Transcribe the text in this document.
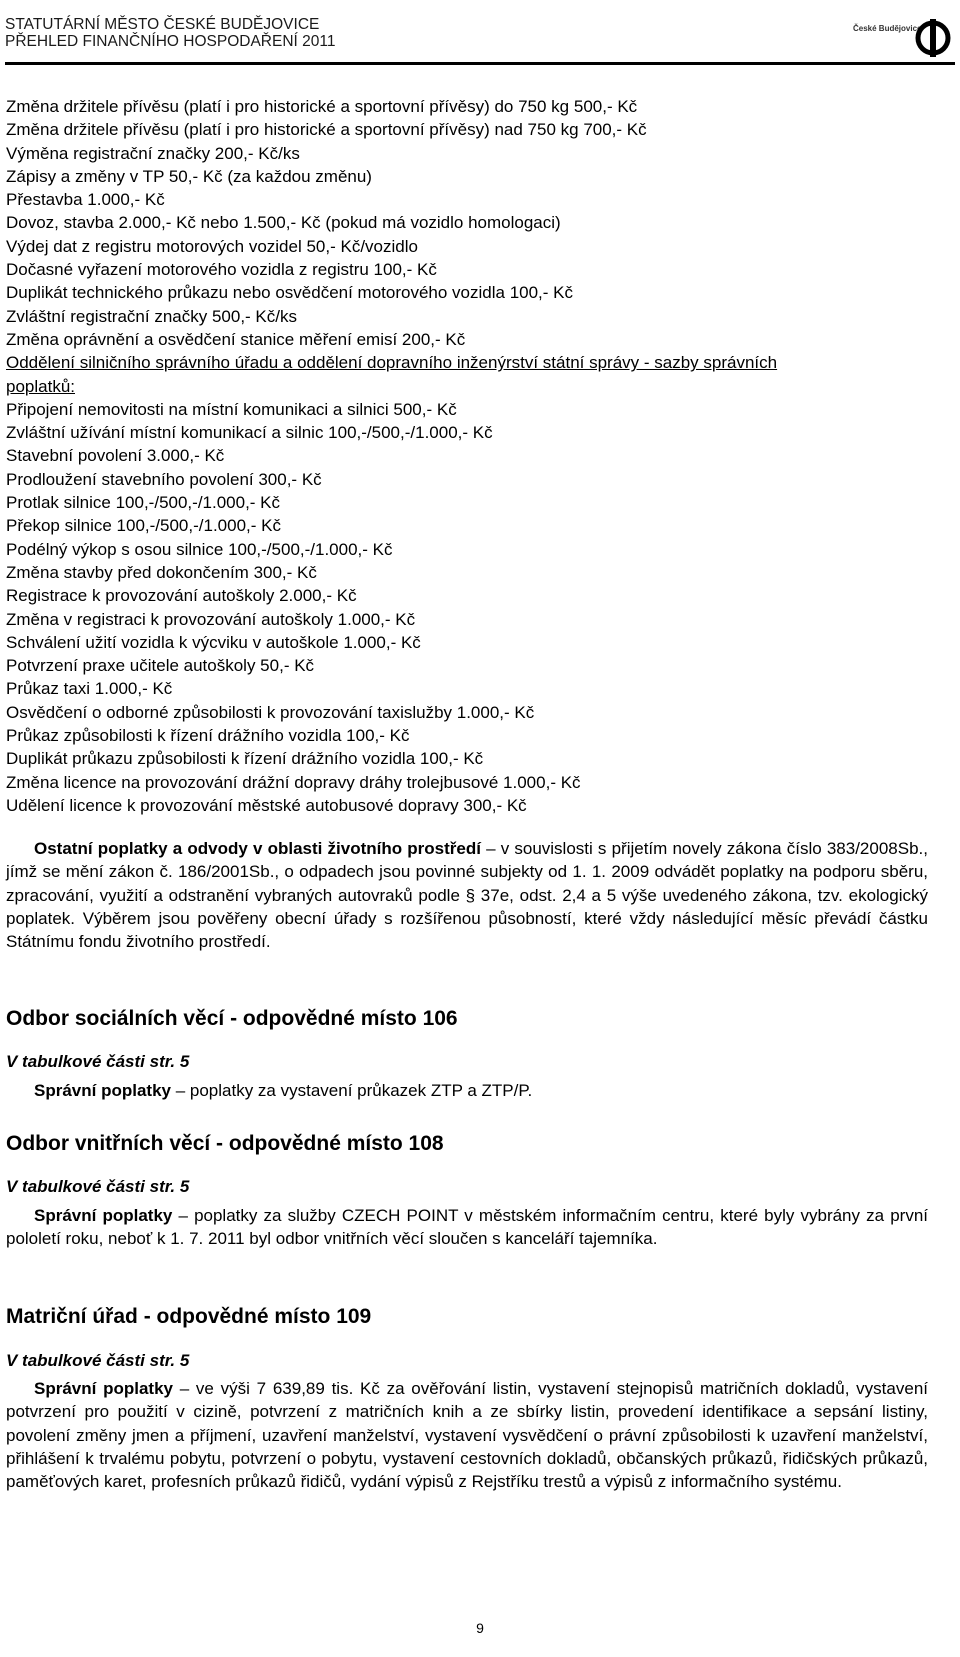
STATUTÁRNÍ MĚSTO ČESKÉ BUDĚJOVICE
PŘEHLED FINANČNÍHO HOSPODAŘENÍ 2011
České Budějovice
Změna držitele přívěsu (platí i pro historické a sportovní přívěsy) do 750 kg 500,- Kč
Změna držitele přívěsu (platí i pro historické a sportovní přívěsy) nad 750 kg 700,- Kč
Výměna registrační značky 200,- Kč/ks
Zápisy a změny v TP 50,- Kč (za každou změnu)
Přestavba 1.000,- Kč
Dovoz, stavba 2.000,- Kč nebo 1.500,- Kč (pokud má vozidlo homologaci)
Výdej dat z registru motorových vozidel 50,- Kč/vozidlo
Dočasné vyřazení motorového vozidla z registru 100,- Kč
Duplikát technického průkazu nebo osvědčení motorového vozidla 100,- Kč
Zvláštní registrační značky 500,- Kč/ks
Změna oprávnění a osvědčení stanice měření emisí 200,- Kč
Oddělení silničního správního úřadu a oddělení dopravního inženýrství státní správy - sazby správních poplatků:
Připojení nemovitosti na místní komunikaci a silnici 500,- Kč
Zvláštní užívání místní komunikací a silnic 100,-/500,-/1.000,- Kč
Stavební povolení 3.000,- Kč
Prodloužení stavebního povolení 300,- Kč
Protlak silnice 100,-/500,-/1.000,- Kč
Překop silnice 100,-/500,-/1.000,- Kč
Podélný výkop s osou silnice 100,-/500,-/1.000,- Kč
Změna stavby před dokončením 300,- Kč
Registrace k provozování autoškoly 2.000,- Kč
Změna v registraci k provozování autoškoly 1.000,- Kč
Schválení užití vozidla k výcviku v autoškole 1.000,- Kč
Potvrzení praxe učitele autoškoly 50,- Kč
Průkaz taxi 1.000,- Kč
Osvědčení o odborné způsobilosti k provozování taxislužby 1.000,- Kč
Průkaz způsobilosti k řízení drážního vozidla 100,- Kč
Duplikát průkazu způsobilosti k řízení drážního vozidla 100,- Kč
Změna licence na provozování drážní dopravy dráhy trolejbusové 1.000,- Kč
Udělení licence k provozování městské autobusové dopravy 300,- Kč
Ostatní poplatky a odvody v oblasti životního prostředí – v souvislosti s přijetím novely zákona číslo 383/2008Sb., jímž se mění zákon č. 186/2001Sb., o odpadech jsou povinné subjekty od 1. 1. 2009 odvádět poplatky na podporu sběru, zpracování, využití a odstranění vybraných autovraků podle § 37e, odst. 2,4 a 5 výše uvedeného zákona, tzv. ekologický poplatek. Výběrem jsou pověřeny obecní úřady s rozšířenou působností, které vždy následující měsíc převádí částku Státnímu fondu životního prostředí.
Odbor sociálních věcí - odpovědné místo 106
V tabulkové části str. 5
Správní poplatky – poplatky za vystavení průkazek ZTP a ZTP/P.
Odbor vnitřních věcí - odpovědné místo 108
V tabulkové části str. 5
Správní poplatky – poplatky za služby CZECH POINT v městském informačním centru, které byly vybrány za první pololetí roku, neboť k 1. 7. 2011 byl odbor vnitřních věcí sloučen s kanceláří tajemníka.
Matriční úřad - odpovědné místo 109
V tabulkové části str. 5
Správní poplatky – ve výši 7 639,89 tis. Kč za ověřování listin, vystavení stejnopisů matričních dokladů, vystavení potvrzení pro použití v cizině, potvrzení z matričních knih a ze sbírky listin, provedení identifikace a sepsání listiny, povolení změny jmen a příjmení, uzavření manželství, vystavení vysvědčení o právní způsobilosti k uzavření manželství, přihlášení k trvalému pobytu, potvrzení o pobytu, vystavení cestovních dokladů, občanských průkazů, řidičských průkazů, paměťových karet, profesních průkazů řidičů, vydání výpisů z Rejstříku trestů a výpisů z informačního systému.
9
